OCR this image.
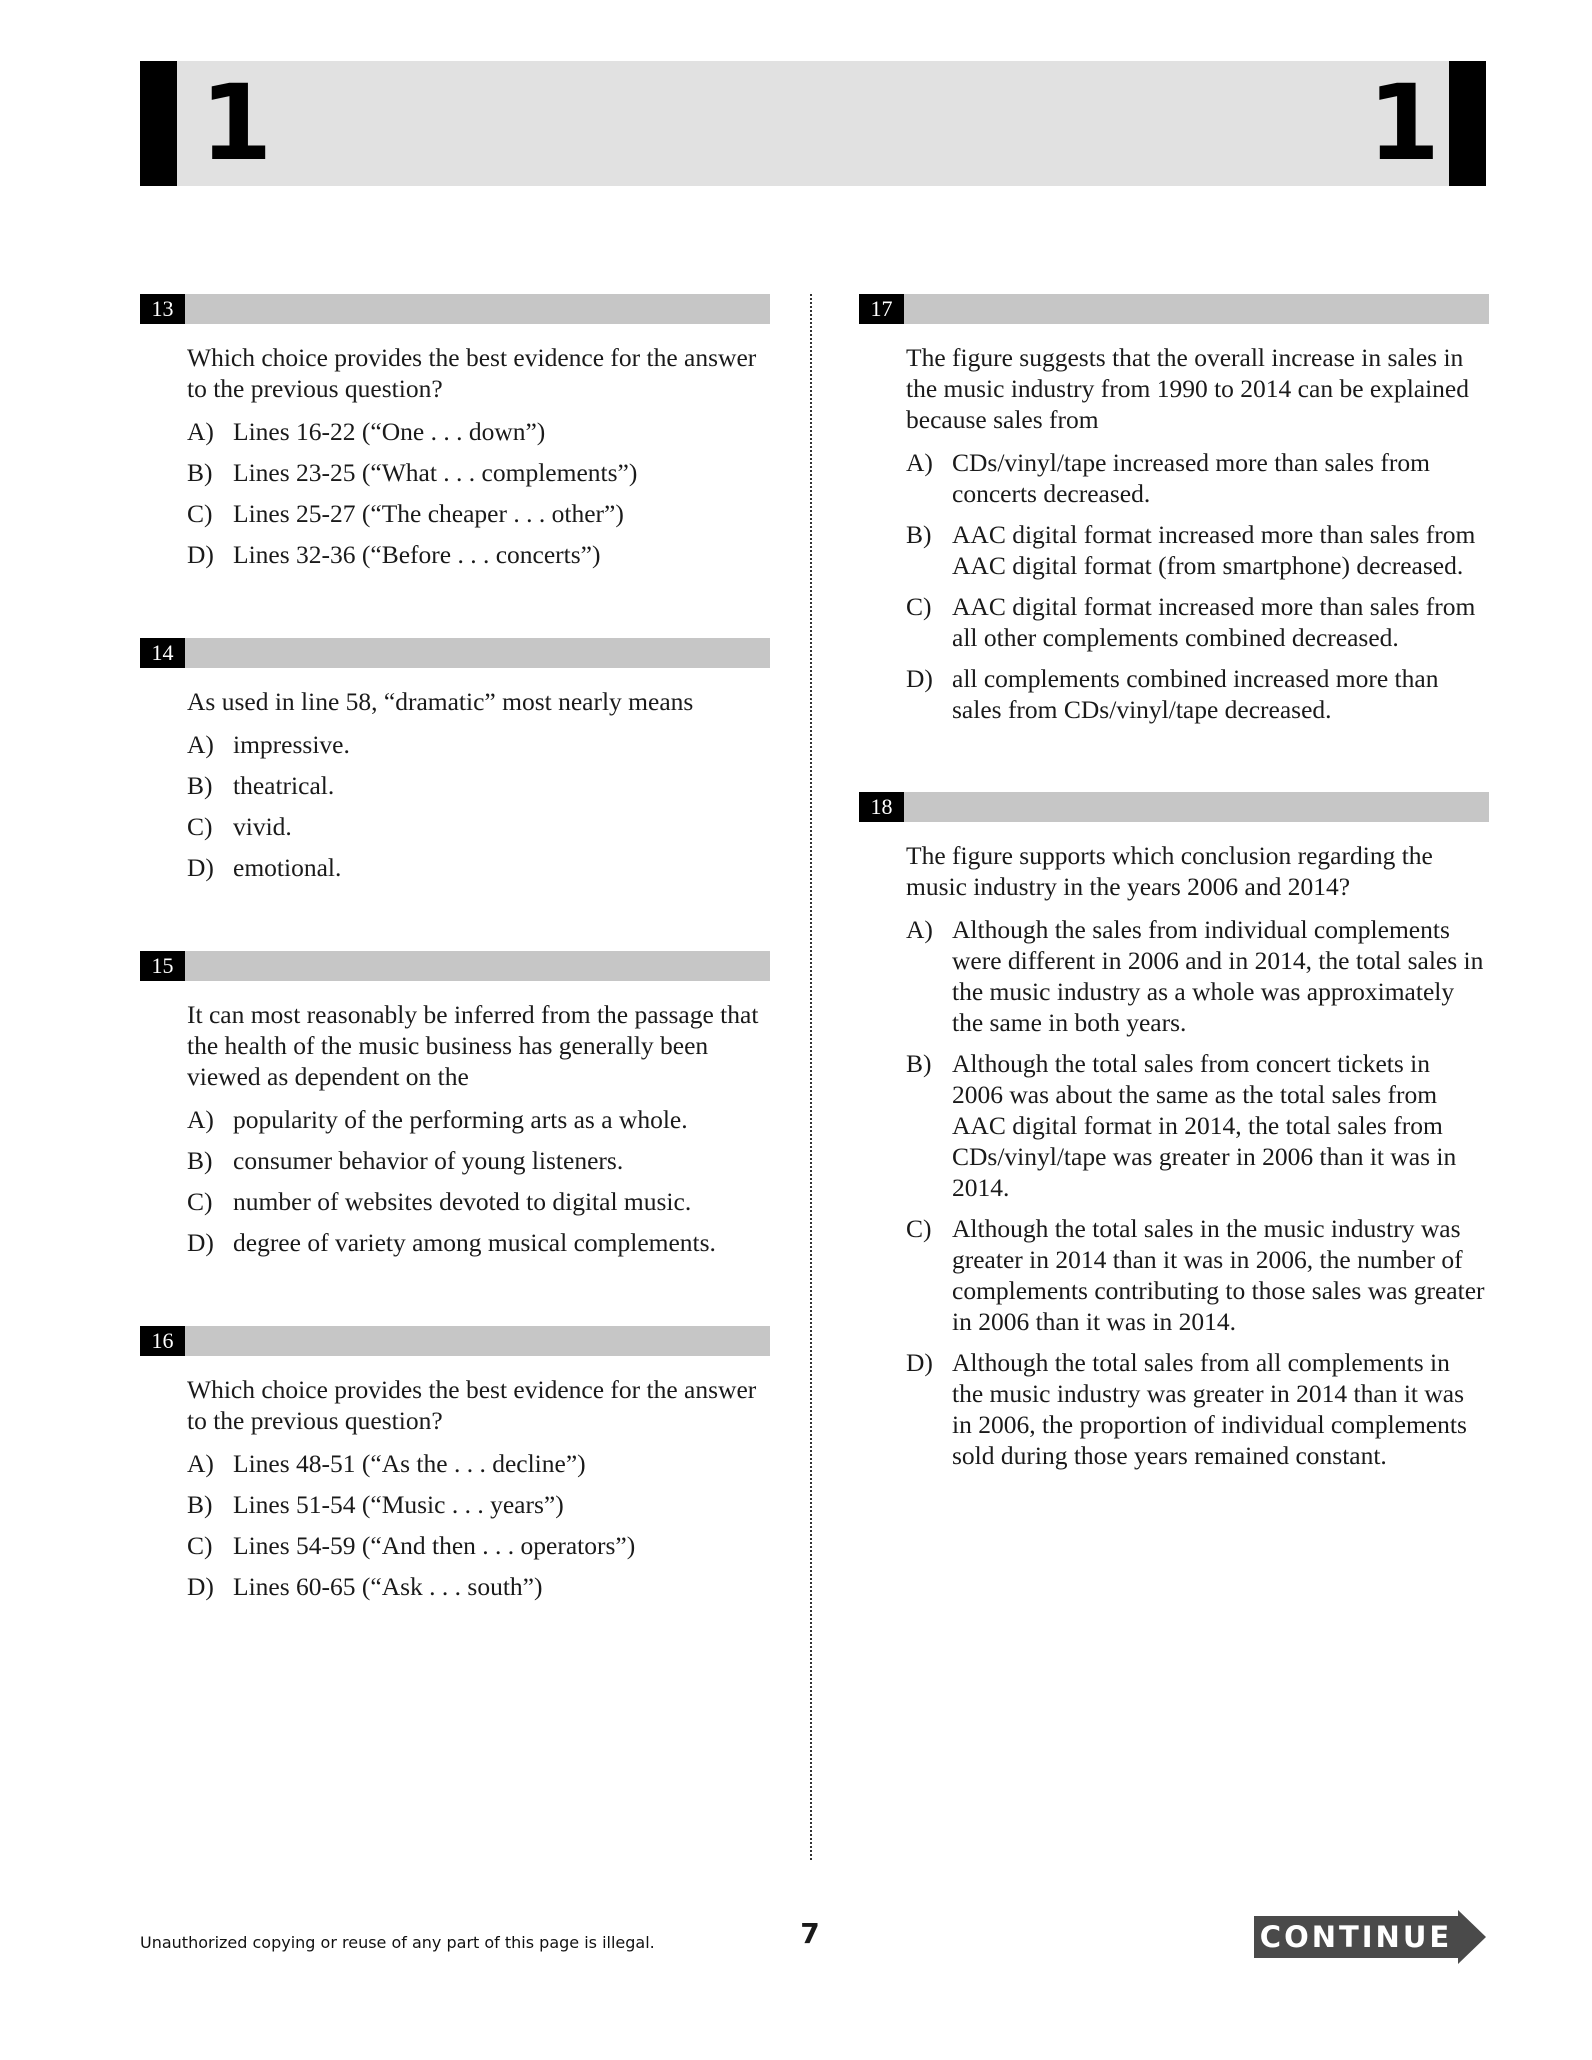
1	1
13
Which choice provides the best evidence for the answer to the previous question?
A) Lines 16-22 (“One . . . down”)
B) Lines 23-25 (“What . . . complements”)
C) Lines 25-27 (“The cheaper . . . other”)
D) Lines 32-36 (“Before . . . concerts”)
14
As used in line 58, “dramatic” most nearly means
A) impressive.
B) theatrical.
C) vivid.
D) emotional.
15
It can most reasonably be inferred from the passage that the health of the music business has generally been viewed as dependent on the
A) popularity of the performing arts as a whole.
B) consumer behavior of young listeners.
C) number of websites devoted to digital music.
D) degree of variety among musical complements.
16
Which choice provides the best evidence for the answer to the previous question?
A) Lines 48-51 (“As the . . . decline”)
B) Lines 51-54 (“Music . . . years”)
C) Lines 54-59 (“And then . . . operators”)
D) Lines 60-65 (“Ask . . . south”)
17
The figure suggests that the overall increase in sales in the music industry from 1990 to 2014 can be explained because sales from
A) CDs/vinyl/tape increased more than sales from concerts decreased.
B) AAC digital format increased more than sales from AAC digital format (from smartphone) decreased.
C) AAC digital format increased more than sales from all other complements combined decreased.
D) all complements combined increased more than sales from CDs/vinyl/tape decreased.
18
The figure supports which conclusion regarding the music industry in the years 2006 and 2014?
A) Although the sales from individual complements were different in 2006 and in 2014, the total sales in the music industry as a whole was approximately the same in both years.
B) Although the total sales from concert tickets in 2006 was about the same as the total sales from AAC digital format in 2014, the total sales from CDs/vinyl/tape was greater in 2006 than it was in 2014.
C) Although the total sales in the music industry was greater in 2014 than it was in 2006, the number of complements contributing to those sales was greater in 2006 than it was in 2014.
D) Although the total sales from all complements in the music industry was greater in 2014 than it was in 2006, the proportion of individual complements sold during those years remained constant.
Unauthorized copying or reuse of any part of this page is illegal.	7	CONTINUE
